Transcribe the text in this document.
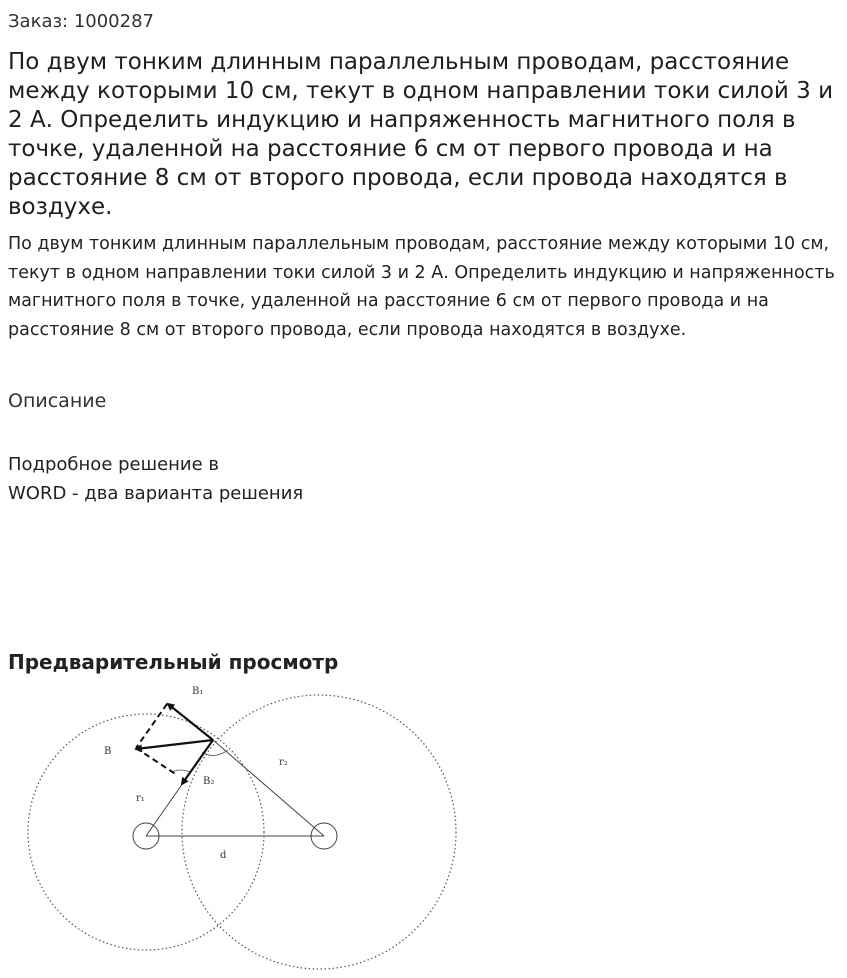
Заказ: 1000287
По двум тонким длинным параллельным проводам, расстояние между которыми 10 см, текут в одном направлении токи силой 3 и 2 А. Определить индукцию и напряженность магнитного поля в точке, удаленной на расстояние 6 см от первого провода и на расстояние 8 см от второго провода, если провода находятся в воздухе.

По двум тонким длинным параллельным проводам, расстояние между которыми 10 см, текут в одном направлении токи силой 3 и 2 А. Определить индукцию и напряженность магнитного поля в точке, удаленной на расстояние 6 см от первого провода и на расстояние 8 см от второго провода, если провода находятся в воздухе.

Описание
Подробное решение в
WORD - два варианта решения
Предварительный просмотр
B₁
B
B₂
r₁
r₂
d
